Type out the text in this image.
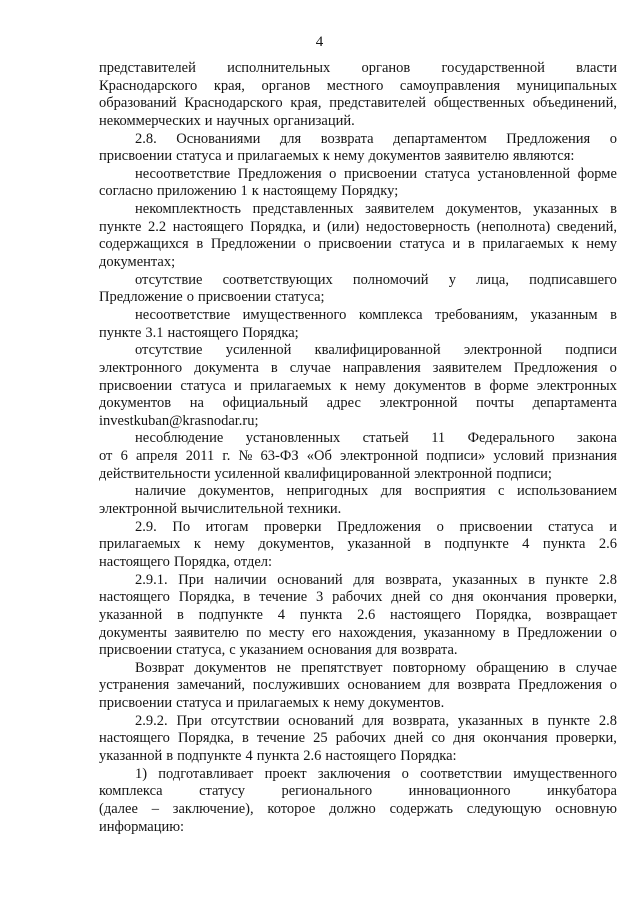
4
представителей исполнительных органов государственной власти
Краснодарского края, органов местного самоуправления муниципальных
образований Краснодарского края, представителей общественных объединений,
некоммерческих и научных организаций.
2.8. Основаниями для возврата департаментом Предложения о
присвоении статуса и прилагаемых к нему документов заявителю являются:
несоответствие Предложения о присвоении статуса установленной форме
согласно приложению 1 к настоящему Порядку;
некомплектность представленных заявителем документов, указанных в
пункте 2.2 настоящего Порядка, и (или) недостоверность (неполнота) сведений,
содержащихся в Предложении о присвоении статуса и в прилагаемых к нему
документах;
отсутствие соответствующих полномочий у лица, подписавшего
Предложение о присвоении статуса;
несоответствие имущественного комплекса требованиям, указанным в
пункте 3.1 настоящего Порядка;
отсутствие усиленной квалифицированной электронной подписи
электронного документа в случае направления заявителем Предложения о
присвоении статуса и прилагаемых к нему документов в форме электронных
документов на официальный адрес электронной почты департамента
investkuban@krasnodar.ru;
несоблюдение установленных статьей 11 Федерального закона
от 6 апреля 2011 г. № 63-ФЗ «Об электронной подписи» условий признания
действительности усиленной квалифицированной электронной подписи;
наличие документов, непригодных для восприятия с использованием
электронной вычислительной техники.
2.9. По итогам проверки Предложения о присвоении статуса и
прилагаемых к нему документов, указанной в подпункте 4 пункта 2.6
настоящего Порядка, отдел:
2.9.1. При наличии оснований для возврата, указанных в пункте 2.8
настоящего Порядка, в течение 3 рабочих дней со дня окончания проверки,
указанной в подпункте 4 пункта 2.6 настоящего Порядка, возвращает
документы заявителю по месту его нахождения, указанному в Предложении о
присвоении статуса, с указанием основания для возврата.
Возврат документов не препятствует повторному обращению в случае
устранения замечаний, послуживших основанием для возврата Предложения о
присвоении статуса и прилагаемых к нему документов.
2.9.2. При отсутствии оснований для возврата, указанных в пункте 2.8
настоящего Порядка, в течение 25 рабочих дней со дня окончания проверки,
указанной в подпункте 4 пункта 2.6 настоящего Порядка:
1) подготавливает проект заключения о соответствии имущественного
комплекса	статусу	регионального	инновационного	инкубатора
(далее – заключение), которое должно содержать следующую основную
информацию:
